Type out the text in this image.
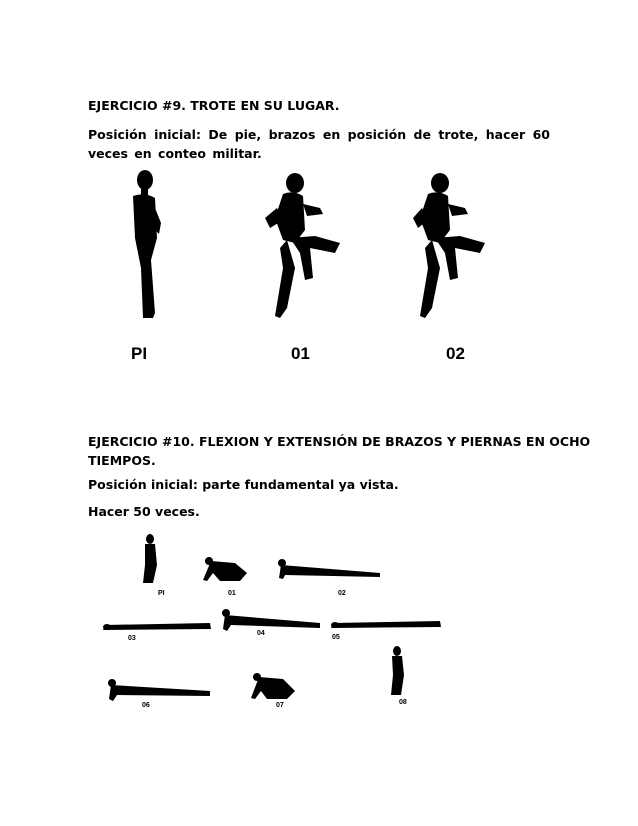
EJERCICIO #9. TROTE EN SU LUGAR.

Posición inicial: De pie, brazos en posición de trote, hacer 60 veces en conteo militar.

PI	01	02

EJERCICIO #10. FLEXION Y EXTENSIÓN DE BRAZOS Y PIERNAS EN OCHO

TIEMPOS.

Posición inicial: parte fundamental ya vista.

Hacer 50 veces.

PI	01	02
03
04
05
06	07	08
